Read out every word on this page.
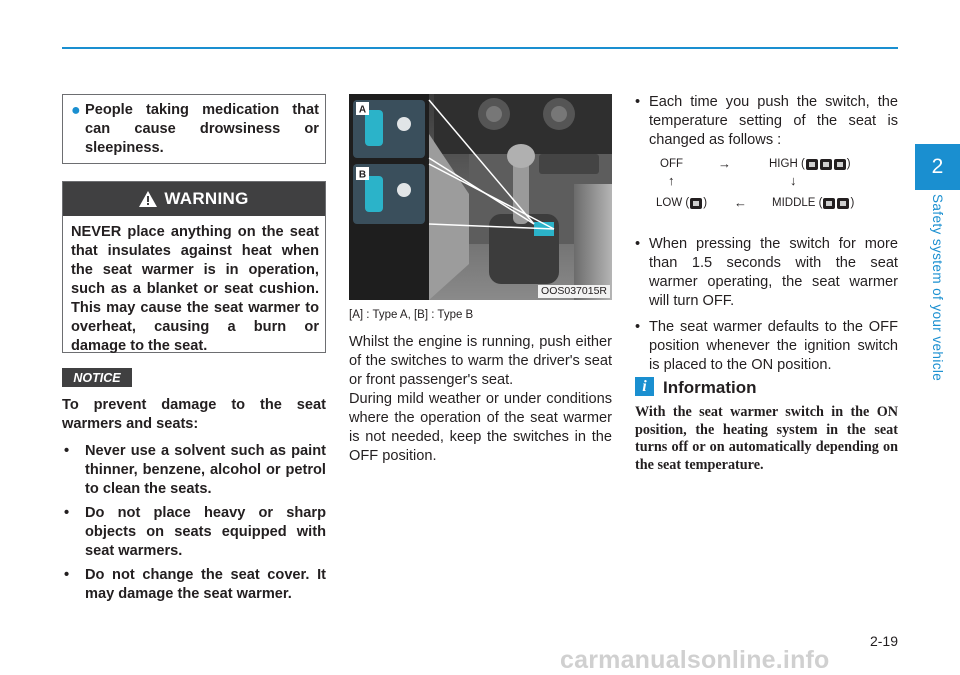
2
Safety system of your vehicle
● People taking medication that can cause drowsiness or sleepiness.
WARNING
NEVER place anything on the seat that insulates against heat when the seat warmer is in operation, such as a blanket or seat cushion. This may cause the seat warmer to overheat, causing a burn or damage to the seat.
NOTICE
To prevent damage to the seat warmers and seats:
• Never use a solvent such as paint thinner, benzene, alcohol or petrol to clean the seats.
• Do not place heavy or sharp objects on seats equipped with seat warmers.
• Do not change the seat cover. It may damage the seat warmer.
A
B
OOS037015R
[A] : Type A, [B] : Type B

Whilst the engine is running, push either of the switches to warm the driver's seat or front passenger's seat.

During mild weather or under conditions where the operation of the seat warmer is not needed, keep the switches in the OFF position.

• Each time you push the switch, the temperature setting of the seat is changed as follows :
OFF	→	HIGH (	)
↑	↓
LOW ( ) ← MIDDLE ( )
• When pressing the switch for more than 1.5 seconds with the seat warmer operating, the seat warmer will turn OFF.
• The seat warmer defaults to the OFF position whenever the ignition switch is placed to the ON position.
i Information
With the seat warmer switch in the ON position, the heating system in the seat turns off or on automatically depending on the seat temperature.
2-19
carmanualsonline.info
